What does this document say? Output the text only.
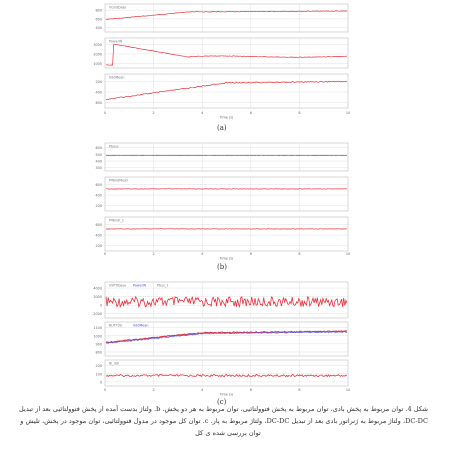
800
600
400
VGridData
3000
2000
1000
PowerW
200
400
600
VddMean
0	2	4	6	8	10
Time (s)
600
500
400
300
Pbuss
600
400
200
PWindMean
600
400
200
PWindi_1
0	2	4	6	8	10
Time (s)
4000
2000
0
-2000
SVPTIbase PowerW	Pbus_1
1100
1000
900
800
BUTT00	VddMean
200
100
0
Bl_ddl
0	2	4	6	8	10
Time (s)
(a)
(b)
(c)
شکل 4. توان مربوط به پخش بادی، توان مربوط به پخش فتوولتائیی، توان مربوط به هر دو پخش. b. ولتاژ بدست آمده از پخش فتوولتائیی بعد از تبدیل
DC-DC، ولتاژ مربوط به ژنراتور بادی بعد از تبدیل DC-DC، ولتاژ مربوط به پار. c. توان کل موجود در مدول فتوولتائیی، توان موجود در پخش، تلیش و
توان بررسی شده ی کل
